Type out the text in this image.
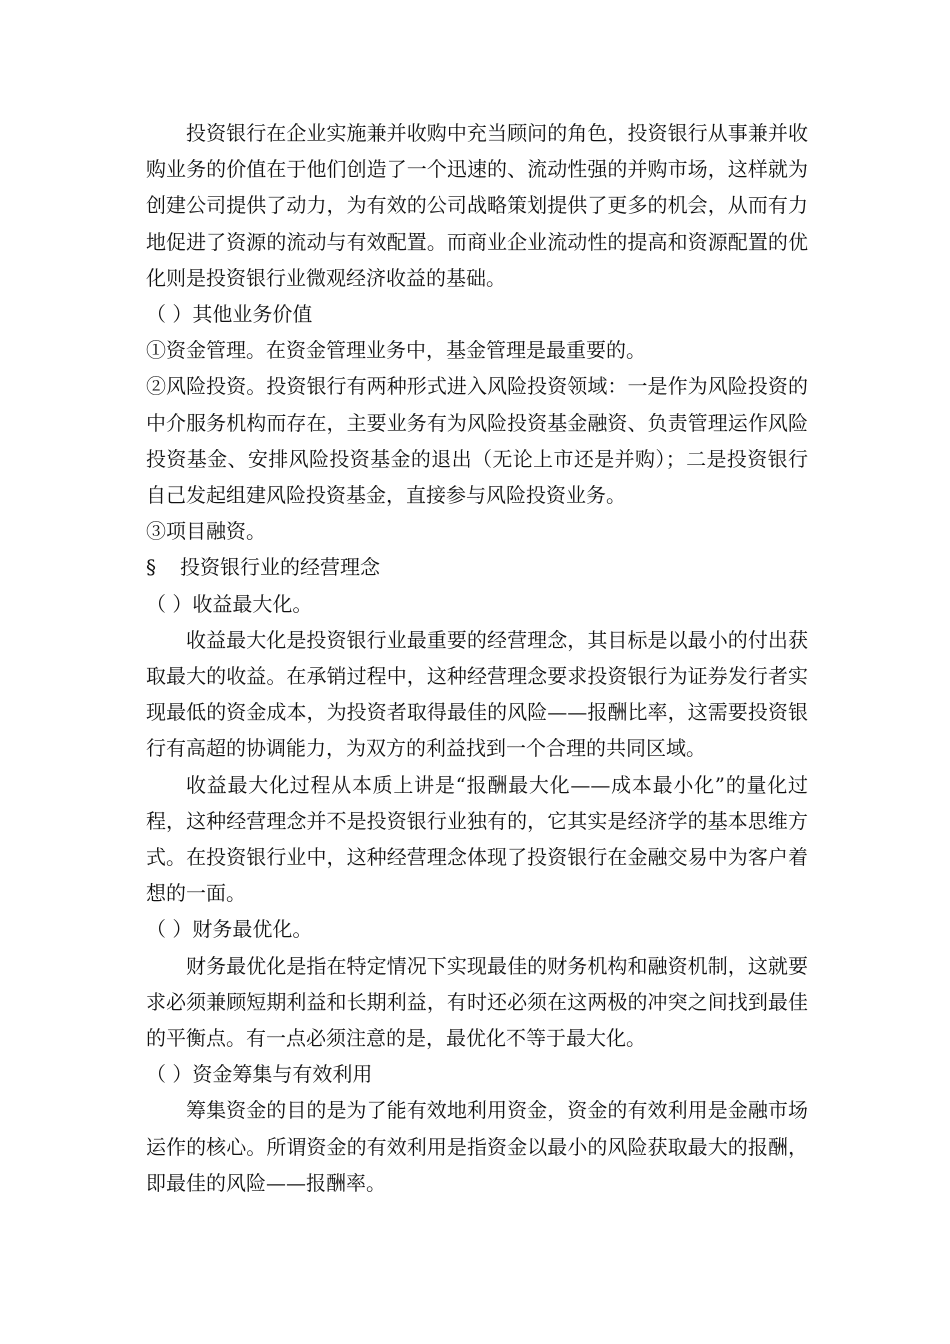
投资银行在企业实施兼并收购中充当顾问的角色，投资银行从事兼并收购业务的价值在于他们创造了一个迅速的、流动性强的并购市场，这样就为创建公司提供了动力，为有效的公司战略策划提供了更多的机会，从而有力地促进了资源的流动与有效配置。而商业企业流动性的提高和资源配置的优化则是投资银行业微观经济收益的基础。

（ ）其他业务价值

①资金管理。在资金管理业务中，基金管理是最重要的。

②风险投资。投资银行有两种形式进入风险投资领域：一是作为风险投资的中介服务机构而存在，主要业务有为风险投资基金融资、负责管理运作风险投资基金、安排风险投资基金的退出（无论上市还是并购）；二是投资银行自己发起组建风险投资基金，直接参与风险投资业务。

③项目融资。

§ 投资银行业的经营理念

（ ）收益最大化。

收益最大化是投资银行业最重要的经营理念，其目标是以最小的付出获取最大的收益。在承销过程中，这种经营理念要求投资银行为证券发行者实现最低的资金成本，为投资者取得最佳的风险——报酬比率，这需要投资银行有高超的协调能力，为双方的利益找到一个合理的共同区域。

收益最大化过程从本质上讲是“报酬最大化——成本最小化”的量化过程，这种经营理念并不是投资银行业独有的，它其实是经济学的基本思维方式。在投资银行业中，这种经营理念体现了投资银行在金融交易中为客户着想的一面。

（ ）财务最优化。

财务最优化是指在特定情况下实现最佳的财务机构和融资机制，这就要求必须兼顾短期利益和长期利益，有时还必须在这两极的冲突之间找到最佳的平衡点。有一点必须注意的是，最优化不等于最大化。

（ ）资金筹集与有效利用

筹集资金的目的是为了能有效地利用资金，资金的有效利用是金融市场运作的核心。所谓资金的有效利用是指资金以最小的风险获取最大的报酬，即最佳的风险——报酬率。
